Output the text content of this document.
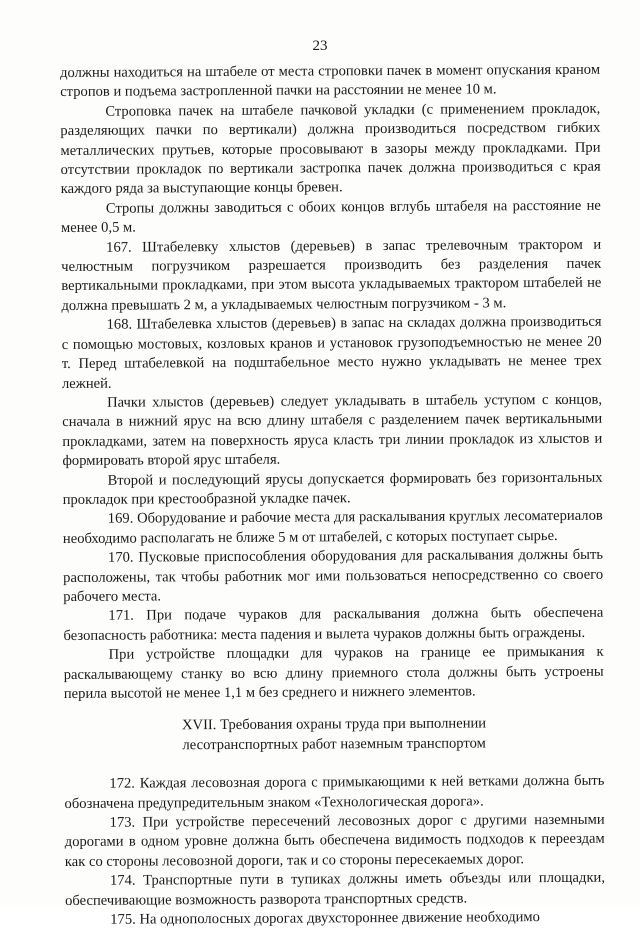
23

должны находиться на штабеле от места строповки пачек в момент опускания краном стропов и подъема застропленной пачки на расстоянии не менее 10 м.

Строповка пачек на штабеле пачковой укладки (с применением прокладок, разделяющих пачки по вертикали) должна производиться посредством гибких металлических прутьев, которые просовывают в зазоры между прокладками. При отсутствии прокладок по вертикали застропка пачек должна производиться с края каждого ряда за выступающие концы бревен.

Стропы должны заводиться с обоих концов вглубь штабеля на расстояние не менее 0,5 м.

167. Штабелевку хлыстов (деревьев) в запас трелевочным трактором и челюстным погрузчиком разрешается производить без разделения пачек вертикальными прокладками, при этом высота укладываемых трактором штабелей не должна превышать 2 м, а укладываемых челюстным погрузчиком - 3 м.

168. Штабелевка хлыстов (деревьев) в запас на складах должна производиться с помощью мостовых, козловых кранов и установок грузоподъемностью не менее 20 т. Перед штабелевкой на подштабельное место нужно укладывать не менее трех лежней.

Пачки хлыстов (деревьев) следует укладывать в штабель уступом с концов, сначала в нижний ярус на всю длину штабеля с разделением пачек вертикальными прокладками, затем на поверхность яруса класть три линии прокладок из хлыстов и формировать второй ярус штабеля.

Второй и последующий ярусы допускается формировать без горизонтальных прокладок при крестообразной укладке пачек.

169. Оборудование и рабочие места для раскалывания круглых лесоматериалов необходимо располагать не ближе 5 м от штабелей, с которых поступает сырье.

170. Пусковые приспособления оборудования для раскалывания должны быть расположены, так чтобы работник мог ими пользоваться непосредственно со своего рабочего места.

171. При подаче чураков для раскалывания должна быть обеспечена безопасность работника: места падения и вылета чураков должны быть ограждены.

При устройстве площадки для чураков на границе ее примыкания к раскалывающему станку во всю длину приемного стола должны быть устроены перила высотой не менее 1,1 м без среднего и нижнего элементов.

XVII. Требования охраны труда при выполнении
лесотранспортных работ наземным транспортом

172. Каждая лесовозная дорога с примыкающими к ней ветками должна быть обозначена предупредительным знаком «Технологическая дорога».

173. При устройстве пересечений лесовозных дорог с другими наземными дорогами в одном уровне должна быть обеспечена видимость подходов к переездам как со стороны лесовозной дороги, так и со стороны пересекаемых дорог.

174. Транспортные пути в тупиках должны иметь объезды или площадки, обеспечивающие возможность разворота транспортных средств.

175. На однополосных дорогах двухстороннее движение необходимо
